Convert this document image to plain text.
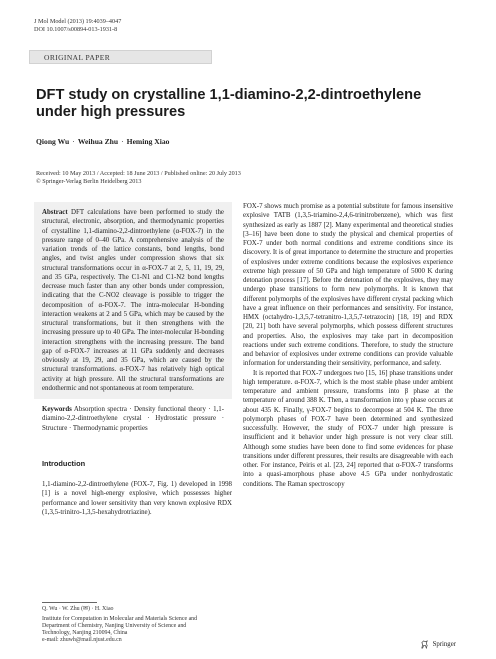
J Mol Model (2013) 19:4039–4047
DOI 10.1007/s00894-013-1931-8
ORIGINAL PAPER
DFT study on crystalline 1,1-diamino-2,2-dintroethylene under high pressures
Qiong Wu · Weihua Zhu · Heming Xiao
Received: 10 May 2013 / Accepted: 18 June 2013 / Published online: 20 July 2013
© Springer-Verlag Berlin Heidelberg 2013

Abstract DFT calculations have been performed to study the structural, electronic, absorption, and thermodynamic properties of crystalline 1,1-diamino-2,2-dintroethylene (α-FOX-7) in the pressure range of 0–40 GPa. A comprehensive analysis of the variation trends of the lattice constants, bond lengths, bond angles, and twist angles under compression shows that six structural transformations occur in α-FOX-7 at 2, 5, 11, 19, 29, and 35 GPa, respectively. The C1-N1 and C1-N2 bond lengths decrease much faster than any other bonds under compression, indicating that the C-NO2 cleavage is possible to trigger the decomposition of α-FOX-7. The intra-molecular H-bonding interaction weakens at 2 and 5 GPa, which may be caused by the structural transformations, but it then strengthens with the increasing pressure up to 40 GPa. The inter-molecular H-bonding interaction strengthens with the increasing pressure. The band gap of α-FOX-7 increases at 11 GPa suddenly and decreases obviously at 19, 29, and 35 GPa, which are caused by the structural transformations. α-FOX-7 has relatively high optical activity at high pressure. All the structural transformations are endothermic and not spontaneous at room temperature.

Keywords Absorption spectra · Density functional theory · 1,1-diamino-2,2-dintroethylene crystal · Hydrostatic pressure · Structure · Thermodynamic properties

Introduction

1,1-diamino-2,2-dintroethylene (FOX-7, Fig. 1) developed in 1998 [1] is a novel high-energy explosive, which possesses higher performance and lower sensitivity than very known explosive RDX (1,3,5-trinitro-1,3,5-hexahydrotriazine).

Q. Wu · W. Zhu (✉) · H. Xiao

Institute for Computation in Molecular and Materials Science and
Department of Chemistry, Nanjing University of Science and
Technology, Nanjing 210094, China
e-mail: zhuwh@mail.njust.edu.cn

FOX-7 shows much promise as a potential substitute for famous insensitive explosive TATB (1,3,5-triamino-2,4,6-trinitrobenzene), which was first synthesized as early as 1887 [2]. Many experimental and theoretical studies [3–16] have been done to study the physical and chemical properties of FOX-7 under both normal conditions and extreme conditions since its discovery. It is of great importance to determine the structure and properties of explosives under extreme conditions because the explosives experience extreme high pressure of 50 GPa and high temperature of 5000 K during detonation process [17]. Before the detonation of the explosives, they may undergo phase transitions to form new polymorphs. It is known that different polymorphs of the explosives have different crystal packing which have a great influence on their performances and sensitivity. For instance, HMX (octahydro-1,3,5,7-tetranitro-1,3,5,7-tetrazocin) [18, 19] and RDX [20, 21] both have several polymorphs, which possess different structures and properties. Also, the explosives may take part in decomposition reactions under such extreme conditions. Therefore, to study the structure and behavior of explosives under extreme conditions can provide valuable information for understanding their sensitivity, performance, and safety.

It is reported that FOX-7 undergoes two [15, 16] phase transitions under high temperature. α-FOX-7, which is the most stable phase under ambient temperature and ambient pressure, transforms into β phase at the temperature of around 388 K. Then, a transformation into γ phase occurs at about 435 K. Finally, γ-FOX-7 begins to decompose at 504 K. The three polymorph phases of FOX-7 have been determined and synthesized successfully. However, the study of FOX-7 under high pressure is insufficient and it behavior under high pressure is not very clear still. Although some studies have been done to find some evidences for phase transitions under different pressures, their results are disagreeable with each other. For instance, Peiris et al. [23, 24] reported that α-FOX-7 transforms into a quasi-amorphous phase above 4.5 GPa under nonhydrostatic conditions. The Raman spectroscopy

Springer
